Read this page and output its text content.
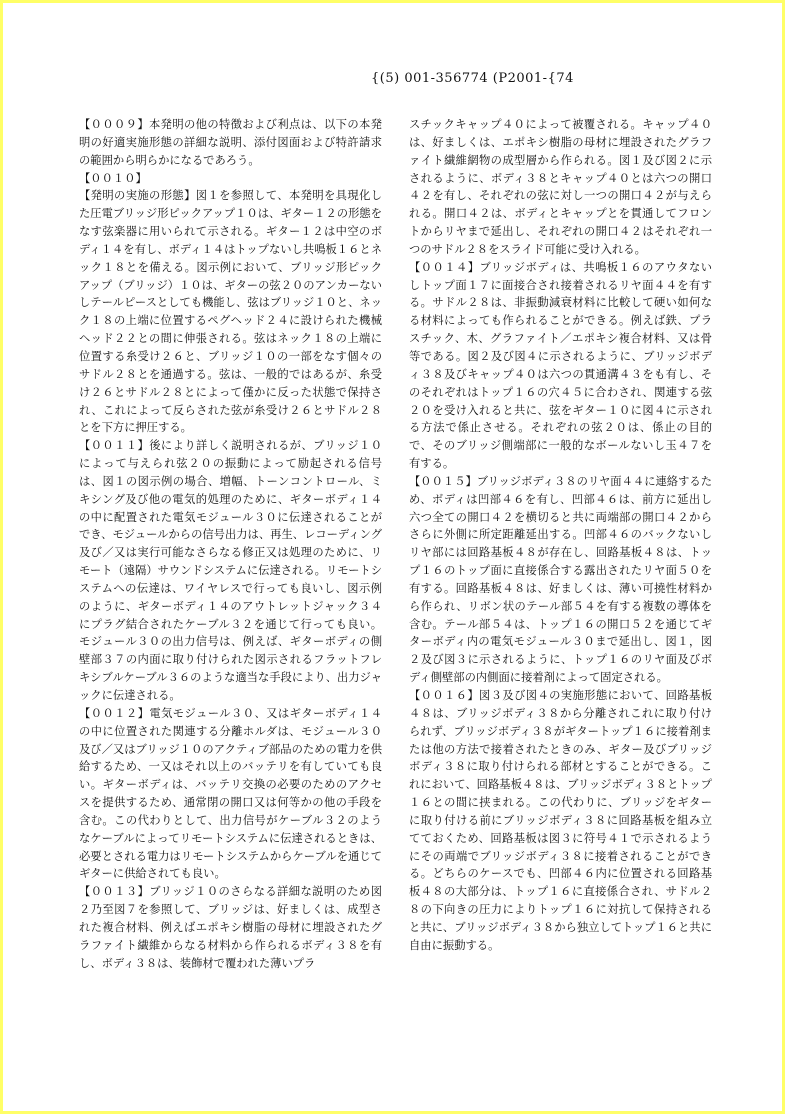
{(5) 001-356774 (P2001-{74

【０００９】本発明の他の特徴および利点は、以下の本発明の好適実施形態の詳細な説明、添付図面および特許請求の範囲から明らかになるであろう。

【００１０】

【発明の実施の形態】図１を参照して、本発明を具現化した圧電ブリッジ形ピックアップ１０は、ギター１２の形態をなす弦楽器に用いられて示される。ギター１２は中空のボディ１４を有し、ボディ１４はトップないし共鳴板１６とネック１８とを備える。図示例において、ブリッジ形ピックアップ（ブリッジ）１０は、ギターの弦２０のアンカーないしテールピースとしても機能し、弦はブリッジ１０と、ネック１８の上端に位置するペグヘッド２４に設けられた機械ヘッド２２との間に伸張される。弦はネック１８の上端に位置する糸受け２６と、ブリッジ１０の一部をなす個々のサドル２８とを通過する。弦は、一般的ではあるが、糸受け２６とサドル２８とによって僅かに反った状態で保持され、これによって反らされた弦が糸受け２６とサドル２８とを下方に押圧する。

【００１１】後により詳しく説明されるが、ブリッジ１０によって与えられ弦２０の振動によって励起される信号は、図１の図示例の場合、増幅、トーンコントロール、ミキシング及び他の電気的処理のために、ギターボディ１４の中に配置された電気モジュール３０に伝達されることができ、モジュールからの信号出力は、再生、レコーディング及び／又は実行可能なさらなる修正又は処理のために、リモート（遠隔）サウンドシステムに伝達される。リモートシステムへの伝達は、ワイヤレスで行っても良いし、図示例のように、ギターボディ１４のアウトレットジャック３４にプラグ結合されたケーブル３２を通じて行っても良い。モジュール３０の出力信号は、例えば、ギターボディの側壁部３７の内面に取り付けられた図示されるフラットフレキシブルケーブル３６のような適当な手段により、出力ジャックに伝達される。

【００１２】電気モジュール３０、又はギターボディ１４の中に位置された関連する分離ホルダは、モジュール３０及び／又はブリッジ１０のアクティブ部品のための電力を供給するため、一又はそれ以上のバッテリを有していても良い。ギターボディは、バッテリ交換の必要のためのアクセスを提供するため、通常閉の開口又は何等かの他の手段を含む。この代わりとして、出力信号がケーブル３２のようなケーブルによってリモートシステムに伝達されるときは、必要とされる電力はリモートシステムからケーブルを通じてギターに供給されても良い。

【００１３】ブリッジ１０のさらなる詳細な説明のため図２乃至図７を参照して、ブリッジは、好ましくは、成型された複合材料、例えばエポキシ樹脂の母材に埋設されたグラファイト繊維からなる材料から作られるボディ３８を有し、ボディ３８は、装飾材で覆われた薄いプラ

スチックキャップ４０によって被覆される。キャップ４０は、好ましくは、エポキシ樹脂の母材に埋設されたグラファイト繊維網物の成型層から作られる。図１及び図２に示されるように、ボディ３８とキャップ４０とは六つの開口４２を有し、それぞれの弦に対し一つの開口４２が与えられる。開口４２は、ボディとキャップとを貫通してフロントからリヤまで延出し、それぞれの開口４２はそれぞれ一つのサドル２８をスライド可能に受け入れる。

【００１４】ブリッジボディは、共鳴板１６のアウタないしトップ面１７に面接合され接着されるリヤ面４４を有する。サドル２８は、非振動減衰材料に比較して硬い如何なる材料によっても作られることができる。例えば鉄、プラスチック、木、グラファイト／エポキシ複合材料、又は骨等である。図２及び図４に示されるように、ブリッジボディ３８及びキャップ４０は六つの貫通溝４３をも有し、そのそれぞれはトップ１６の穴４５に合わされ、関連する弦２０を受け入れると共に、弦をギター１０に図４に示される方法で係止させる。それぞれの弦２０は、係止の目的で、そのブリッジ側端部に一般的なボールないし玉４７を有する。

【００１５】ブリッジボディ３８のリヤ面４４に連絡するため、ボディは凹部４６を有し、凹部４６は、前方に延出し六つ全ての開口４２を横切ると共に両端部の開口４２からさらに外側に所定距離延出する。凹部４６のバックないしリヤ部には回路基板４８が存在し、回路基板４８は、トップ１６のトップ面に直接係合する露出されたリヤ面５０を有する。回路基板４８は、好ましくは、薄い可撓性材料から作られ、リボン状のテール部５４を有する複数の導体を含む。テール部５４は、トップ１６の開口５２を通じてギターボディ内の電気モジュール３０まで延出し、図１，図２及び図３に示されるように、トップ１６のリヤ面及びボディ側壁部の内側面に接着剤によって固定される。

【００１６】図３及び図４の実施形態において、回路基板４８は、ブリッジボディ３８から分離されこれに取り付けられず、ブリッジボディ３８がギタートップ１６に接着剤または他の方法で接着されたときのみ、ギター及びブリッジボディ３８に取り付けられる部材とすることができる。これにおいて、回路基板４８は、ブリッジボディ３８とトップ１６との間に挟まれる。この代わりに、ブリッジをギターに取り付ける前にブリッジボディ３８に回路基板を組み立てておくため、回路基板は図３に符号４１で示されるようにその両端でブリッジボディ３８に接着されることができる。どちらのケースでも、凹部４６内に位置される回路基板４８の大部分は、トップ１６に直接係合され、サドル２８の下向きの圧力によりトップ１６に対抗して保持されると共に、ブリッジボディ３８から独立してトップ１６と共に自由に振動する。
